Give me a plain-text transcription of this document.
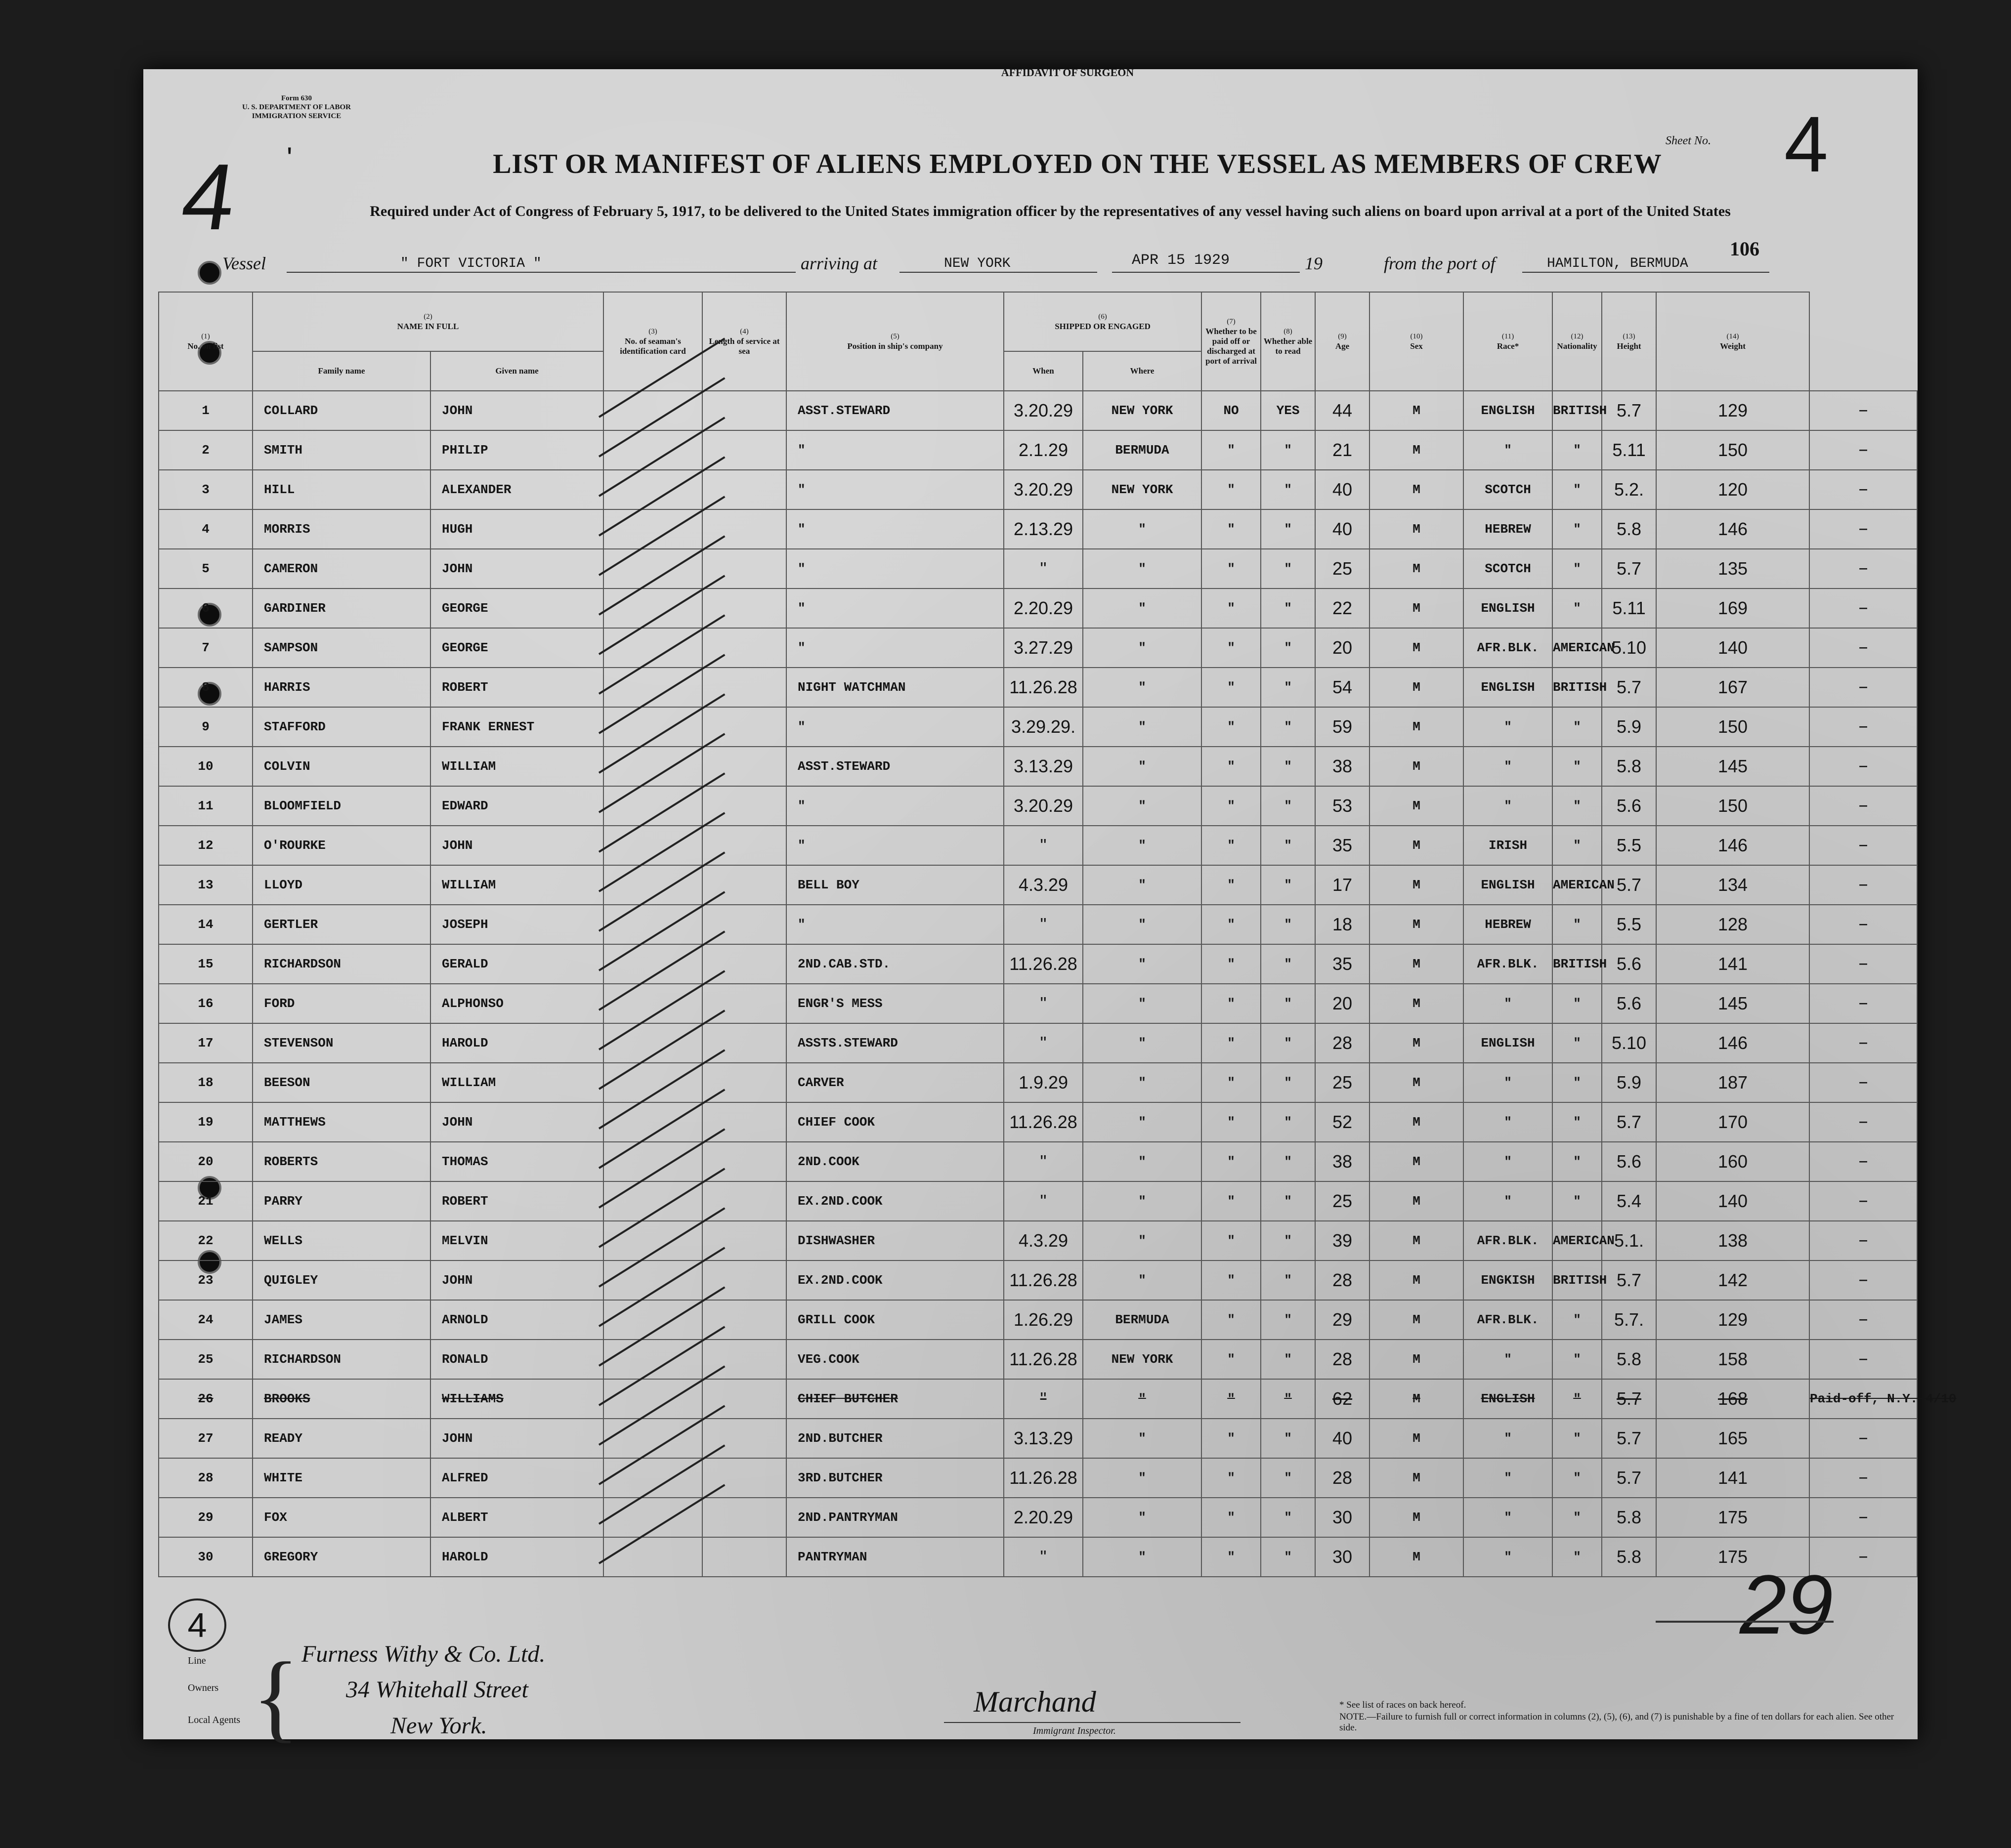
AFFIDAVIT OF SURGEON
Form 630
U. S. DEPARTMENT OF LABOR
IMMIGRATION SERVICE
4 '	LIST OR MANIFEST OF ALIENS EMPLOYED ON THE VESSEL AS MEMBERS OF CREW
Required under Act of Congress of February 5, 1917, to be delivered to the United States immigration officer by the representatives of any vessel having such aliens on board upon arrival at a port of the United States
Sheet No. 4
Vessel	" FORT VICTORIA "	arriving at	NEW YORK	APR 15 1929	19	from the port of	HAMILTON, BERMUDA
106
(1)
No. on list	(2)
NAME IN FULL		(3)
No. of seaman's identification card	(4)
Length of service at sea	(5)
Position in ship's company	(6)
SHIPPED OR ENGAGED		(7)
Whether to be paid off or discharged at port of arrival	(8)
Whether able to read	(9)
Age	(10)
Sex	(11)
Race*	(12)
Nationality	(13)
Height	(14)
Weight	
	Family name	Given name				When	Where									
1	COLLARD	JOHN			ASST.STEWARD	3.20.29	NEW YORK	NO	YES	44	M	ENGLISH	BRITISH	5.7	129	—
2	SMITH	PHILIP			"	2.1.29	BERMUDA	"	"	21	M	"	"	5.11	150	—
3	HILL	ALEXANDER			"	3.20.29	NEW YORK	"	"	40	M	SCOTCH	"	5.2.	120	—
4	MORRIS	HUGH			"	2.13.29	"	"	"	40	M	HEBREW	"	5.8	146	—
5	CAMERON	JOHN			"	"	"	"	"	25	M	SCOTCH	"	5.7	135	—
6	GARDINER	GEORGE			"	2.20.29	"	"	"	22	M	ENGLISH	"	5.11	169	—
7	SAMPSON	GEORGE			"	3.27.29	"	"	"	20	M	AFR.BLK.	AMERICAN	5.10	140	—
8	HARRIS	ROBERT			NIGHT WATCHMAN	11.26.28	"	"	"	54	M	ENGLISH	BRITISH	5.7	167	—
9	STAFFORD	FRANK ERNEST			"	3.29.29.	"	"	"	59	M	"	"	5.9	150	—
10	COLVIN	WILLIAM			ASST.STEWARD	3.13.29	"	"	"	38	M	"	"	5.8	145	—
11	BLOOMFIELD	EDWARD			"	3.20.29	"	"	"	53	M	"	"	5.6	150	—
12	O'ROURKE	JOHN			"	"	"	"	"	35	M	IRISH	"	5.5	146	—
13	LLOYD	WILLIAM			BELL BOY	4.3.29	"	"	"	17	M	ENGLISH	AMERICAN	5.7	134	—
14	GERTLER	JOSEPH			"	"	"	"	"	18	M	HEBREW	"	5.5	128	—
15	RICHARDSON	GERALD			2ND.CAB.STD.	11.26.28	"	"	"	35	M	AFR.BLK.	BRITISH	5.6	141	—
16	FORD	ALPHONSO			ENGR'S MESS	"	"	"	"	20	M	"	"	5.6	145	—
17	STEVENSON	HAROLD			ASSTS.STEWARD	"	"	"	"	28	M	ENGLISH	"	5.10	146	—
18	BEESON	WILLIAM			CARVER	1.9.29	"	"	"	25	M	"	"	5.9	187	—
19	MATTHEWS	JOHN			CHIEF COOK	11.26.28	"	"	"	52	M	"	"	5.7	170	—
20	ROBERTS	THOMAS			2ND.COOK	"	"	"	"	38	M	"	"	5.6	160	—
21	PARRY	ROBERT			EX.2ND.COOK	"	"	"	"	25	M	"	"	5.4	140	—
22	WELLS	MELVIN			DISHWASHER	4.3.29	"	"	"	39	M	AFR.BLK.	AMERICAN	5.1.	138	—
23	QUIGLEY	JOHN			EX.2ND.COOK	11.26.28	"	"	"	28	M	ENGKISH	BRITISH	5.7	142	—
24	JAMES	ARNOLD			GRILL COOK	1.26.29	BERMUDA	"	"	29	M	AFR.BLK.	"	5.7.	129	—
25	RICHARDSON	RONALD			VEG.COOK	11.26.28	NEW YORK	"	"	28	M	"	"	5.8	158	—
26	BROOKS	WILLIAMS			CHIEF BUTCHER	"	"	"	"	62	M	ENGLISH	"	5.7	168	Paid-off, N.Y. 4/10
27	READY	JOHN			2ND.BUTCHER	3.13.29	"	"	"	40	M	"	"	5.7	165	—
28	WHITE	ALFRED			3RD.BUTCHER	11.26.28	"	"	"	28	M	"	"	5.7	141	—
29	FOX	ALBERT			2ND.PANTRYMAN	2.20.29	"	"	"	30	M	"	"	5.8	175	—
30	GREGORY	HAROLD			PANTRYMAN	"	"	"	"	30	M	"	"	5.8	175	—
29
4
Line
Owners
Local Agents { Furness Withy & Co. Ltd.
34 Whitehall Street
New York.
Marchand
Immigrant Inspector.
* See list of races on back hereof.
NOTE.—Failure to furnish full or correct information in columns (2), (5), (6), and (7) is punishable by a fine of ten dollars for each alien. See other side.
